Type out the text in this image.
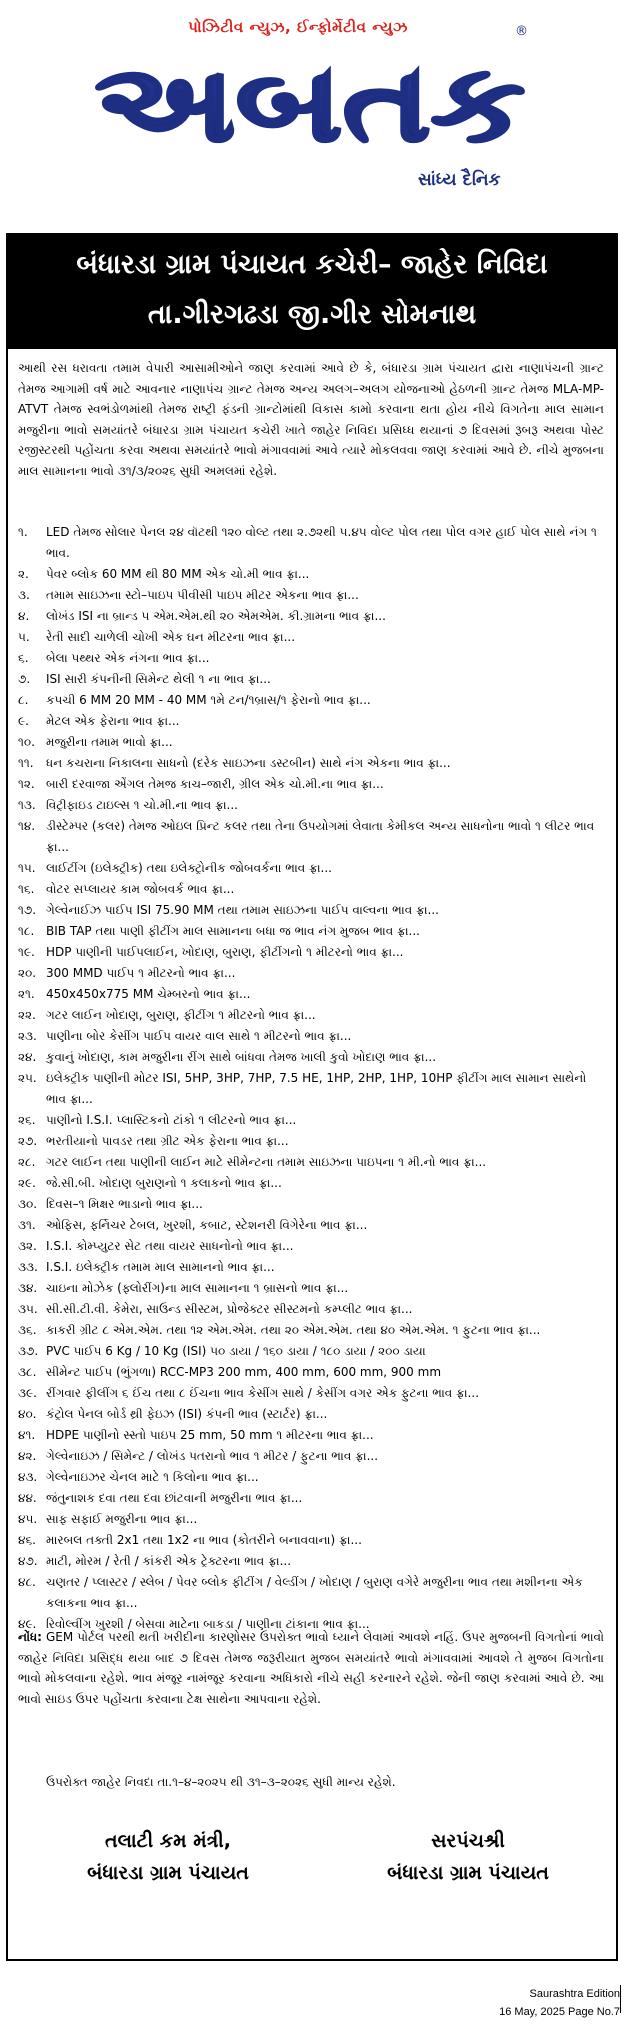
પોઝિટીવ ન્યુઝ, ઈન્ફોર્મેટીવ ન્યુઝ	®
અબતક
સાંધ્ય દૈનિક
બંધારડા ગ્રામ પંચાયત કચેરી– જાહેર નિવિદા
તા.ગીરગઢડા જી.ગીર સોમનાથ
આથી રસ ધરાવતા તમામ વેપારી આસામીઓને જાણ કરવામાં આવે છે કે, બંધારડા ગ્રામ પંચાયત દ્વારા નાણાપંચની ગ્રાન્ટ તેમજ આગામી વર્ષ માટે આવનાર નાણાપંચ ગ્રાન્ટ તેમજ અન્ય અલગ–અલગ યોજનાઓ હેઠળની ગ્રાન્ટ તેમજ MLA-MP-ATVT તેમજ સ્વભંડોળમાંથી તેમજ રાષ્ટ્રી ફંડની ગ્રાન્ટોમાંથી વિકાસ કામો કરવાના થતા હોય નીચે વિગતેના માલ સામાન મજુરીના ભાવો સમયાંતરે બંધારડા ગ્રામ પંચાયત કચેરી ખાતે જાહેર નિવિદા પ્રસિધ્ધ થયાનાં ૭ દિવસમાં રૂબરૂ અથવા પોસ્ટ રજીસ્ટરથી પહોંચતા કરવા અથવા સમયાંતરે ભાવો મંગાવવામાં આવે ત્યારે મોકલવવા જાણ કરવામાં આવે છે. નીચે મુજબના માલ સામાનના ભાવો ૩૧/૩/૨૦૨૬ સુધી અમલમાં રહેશે.
૧. LED તેમજ સોલાર પેનલ ૨૪ વૉટથી ૧૨૦ વોલ્ટ તથા ૨.૭૨થી ૫.૪૫ વોલ્ટ પોલ તથા પોલ વગર હાઈ પોલ સાથે નંગ ૧ ભાવ.
૨. પેવર બ્લોક 60 MM થી 80 MM એક ચો.મી ભાવ ફ્રા...
૩. તમામ સાઇઝના સ્ટો–પાઇપ પીવીસી પાઇપ મીટર એકના ભાવ ફ્રા...
૪. લોખંડ ISI ના બ્રાન્ડ ૫ એમ.એમ.થી ૨૦ એમએમ. કી.ગ્રામના ભાવ ફ્રા...
૫. રેતી સાદી ચાળેલી ચોખી એક ઘન મીટરના ભાવ ફ્રા...
૬. બેલા પથ્થર એક નંગના ભાવ ફ્રા...
૭. ISI સારી કંપનીની સિમેન્ટ થેલી ૧ ના ભાવ ફ્રા...
૮. કપચી 6 MM 20 MM - 40 MM ૧મે ટન/૧બ્રાસ/૧ ફેરાનો ભાવ ફ્રા...
૯. મેટલ એક ફેરાના ભાવ ફ્રા...
૧૦. મજુરીના તમામ ભાવો ફ્રા...
૧૧. ધન કચરાના નિકાલના સાધનો (દરેક સાઇઝના ડસ્ટબીન) સાથે નંગ એકના ભાવ ફ્રા...
૧૨. બારી દરવાજા એંગલ તેમજ કાચ–જારી, ગ્રીલ એક ચો.મી.ના ભાવ ફ્રા...
૧૩. વિટ્રીફાઇડ ટાઇલ્સ ૧ ચો.મી.ના ભાવ ફ્રા...
૧૪. ડીસ્ટેમ્પર (કલર) તેમજ ઓઇલ પ્રિન્ટ કલર તથા તેના ઉપયોગમાં લેવાતા કેમીકલ અન્ય સાધનોના ભાવો ૧ લીટર ભાવ ફ્રા...
૧૫. લાઈટીંગ (ઇલેક્ટ્રીક) તથા ઇલેક્ટ્રોનીક જોબવર્કના ભાવ ફ્રા...
૧૬. વોટર સપ્લાયર કામ જોબવર્ક ભાવ ફ્રા...
૧૭. ગેલ્વેનાઈઝ પાઈપ ISI 75.90 MM તથા તમામ સાઇઝના પાઈપ વાલ્વના ભાવ ફ્રા...
૧૮. BIB TAP તથા પાણી ફીટીંગ માલ સામાનના બધા જ ભાવ નંગ મુજબ ભાવ ફ્રા...
૧૯. HDP પાણીની પાઈપલાઈન, ખોદાણ, બુરાણ, ફીટીંગનો ૧ મીટરનો ભાવ ફ્રા...
૨૦. 300 MMD પાઈપ ૧ મીટરનો ભાવ ફ્રા...
૨૧. 450x450x775 MM ચેમ્બરનો ભાવ ફ્રા...
૨૨. ગટર લાઈન ખોદાણ, બુરાણ, ફીટીંગ ૧ મીટરનો ભાવ ફ્રા...
૨૩. પાણીના બોર કેસીંગ પાઈપ વાયર વાલ સાથે ૧ મીટરનો ભાવ ફ્રા...
૨૪. કુવાનું ખોદાણ, કામ મજુરીના રીંગ સાથે બાંધવા તેમજ ખાલી કુવો ખોદાણ ભાવ ફ્રા...
૨૫. ઇલેક્ટ્રીક પાણીની મોટર ISI, 5HP, 3HP, 7HP, 7.5 HE, 1HP, 2HP, 1HP, 10HP ફીટીંગ માલ સામાન સાથેનો ભાવ ફ્રા...
૨૬. પાણીનો I.S.I. પ્લાસ્ટિકનો ટાંકો ૧ લીટરનો ભાવ ફ્રા...
૨૭. ભરતીયાનો પાવડર તથા ગ્રીટ એક ફેરાના ભાવ ફ્રા...
૨૮. ગટર લાઈન તથા પાણીની લાઈન માટે સીમેન્ટના તમામ સાઇઝના પાઇપના ૧ મી.નો ભાવ ફ્રા...
૨૯. જે.સી.બી. ખોદાણ બુરાણનો ૧ કલાકનો ભાવ ફ્રા...
૩૦. દિવસ–૧ મિક્ષર ભાડાનો ભાવ ફ્રા...
૩૧. ઓફિસ, ફર્નિચર ટેબલ, ખુરશી, કબાટ, સ્ટેશનરી વિગેરેના ભાવ ફ્રા...
૩૨. I.S.I. કોમ્પ્યુટર સેટ તથા વાયર સાધનોનો ભાવ ફ્રા...
૩૩. I.S.I. ઇલેક્ટ્રીક તમામ માલ સામાનનો ભાવ ફ્રા...
૩૪. ચાઇના મોઝેક (ફ્લોરીંગ)ના માલ સામાનના ૧ બ્રાસનો ભાવ ફ્રા...
૩૫. સી.સી.ટી.વી. કેમેરા, સાઉન્ડ સીસ્ટમ, પ્રોજેક્ટર સીસ્ટમનો કમ્પ્લીટ ભાવ ફ્રા...
૩૬. કાકરી ગ્રીટ ૮ એમ.એમ. તથા ૧૨ એમ.એમ. તથા ૨૦ એમ.એમ. તથા ૪૦ એમ.એમ. ૧ ફુટના ભાવ ફ્રા...
૩૭. PVC પાઈપ 6 Kg / 10 Kg (ISI) ૫૦ ડાયા / ૧૬૦ ડાયા / ૧૮૦ ડાયા / ૨૦૦ ડાયા
૩૮. સીમેન્ટ પાઈપ (ભુંગળા) RCC-MP3 200 mm, 400 mm, 600 mm, 900 mm
૩૯. રીંગવાર ફીલીંગ ૬ ઈંચ તથા ૮ ઈંચના ભાવ કેસીંગ સાથે / કેસીંગ વગર એક ફુટના ભાવ ફ્રા...
૪૦. કંટ્રોલ પેનલ બોર્ડ થ્રી ફેઇઝ (ISI) કંપની ભાવ (સ્ટાર્ટર) ફ્રા...
૪૧. HDPE પાણીનો સ્સ્તો પાઇપ 25 mm, 50 mm ૧ મીટરના ભાવ ફ્રા...
૪૨. ગેલ્વેનાઇઝ / સિમેન્ટ / લોખંડ પતરાનો ભાવ ૧ મીટર / ફુટના ભાવ ફ્રા...
૪૩. ગેલ્વેનાઇઝર ચેનલ માટે ૧ કિલોના ભાવ ફ્રા...
૪૪. જંતુનાશક દવા તથા દવા છાંટવાની મજુરીના ભાવ ફ્રા...
૪૫. સાફ સફાઈ મજુરીના ભાવ ફ્રા...
૪૬. મારબલ તક્તી 2x1 તથા 1x2 ના ભાવ (કોતરીને બનાવવાના) ફ્રા...
૪૭. માટી, મોરમ / રેતી / કાંકરી એક ટ્રેક્ટરના ભાવ ફ્રા...
૪૮. ચણતર / પ્લાસ્ટર / સ્લેબ / પેવર બ્લોક ફીટીંગ / વેલ્ડીંગ / ખોદાણ / બુરાણ વગેરે મજુરીના ભાવ તથા મશીનના એક કલાકના ભાવ ફ્રા...
૪૯. રિવોલ્વીંગ ખુરશી / બેસવા માટેના બાકડા / પાણીના ટાંકાના ભાવ ફ્રા...
નોંધ: GEM પોર્ટલ પરથી થતી ખરીદીના કારણોસર ઉપરોક્ત ભાવો ધ્યાને લેવામાં આવશે નહિં. ઉપર મુજબની વિગતોનાં ભાવો જાહેર નિવિદા પ્રસિદ્ધ થયા બાદ ૭ દિવસ તેમજ જરૂરીયાત મુજબ સમયાંતરે ભાવો મંગાવવામાં આવશે તે મુજબ વિગતોના ભાવો મોકલવાના રહેશે. ભાવ મંજૂર નામંજૂર કરવાના અધિકારો નીચે સહી કરનારને રહેશે. જેની જાણ કરવામાં આવે છે. આ ભાવો સાઇડ ઉપર પહોંચતા કરવાના ટેક્ષ સાથેના આપવાના રહેશે.
ઉપરોક્ત જાહેર નિવદા તા.૧–૪–૨૦૨૫ થી ૩૧–૩–૨૦૨૬ સુધી માન્ય રહેશે.
તલાટી કમ મંત્રી,
બંધારડા ગ્રામ પંચાયત
સરપંચશ્રી
બંધારડા ગ્રામ પંચાયત
Saurashtra Edition
16 May, 2025 Page No.7
